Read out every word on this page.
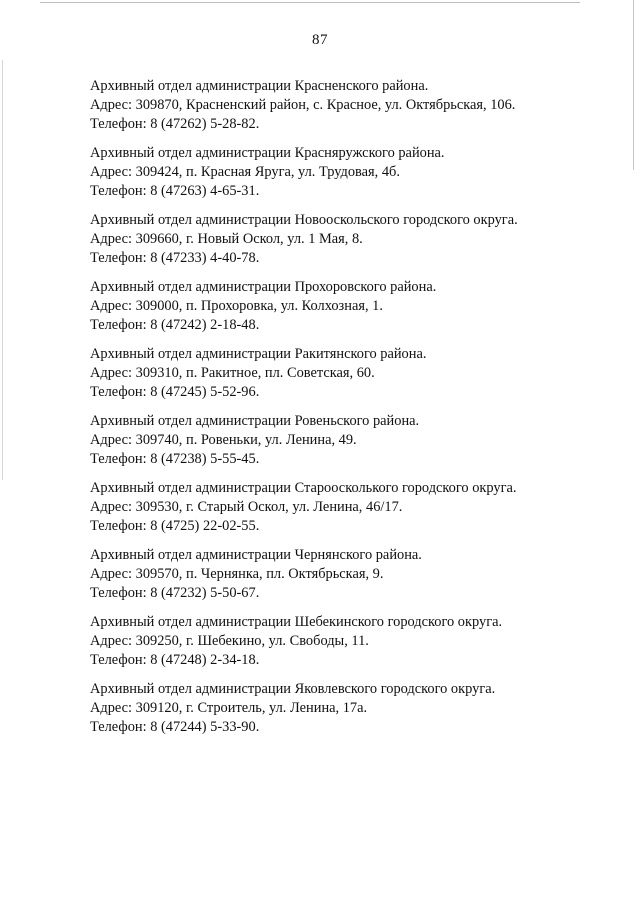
87
Архивный отдел администрации Красненского района.
Адрес: 309870, Красненский район, с. Красное, ул. Октябрьская, 106.
Телефон: 8 (47262) 5-28-82.
Архивный отдел администрации Красняружского района.
Адрес: 309424, п. Красная Яруга, ул. Трудовая, 4б.
Телефон: 8 (47263) 4-65-31.
Архивный отдел администрации Новооскольского городского округа.
Адрес: 309660, г. Новый Оскол, ул. 1 Мая, 8.
Телефон: 8 (47233) 4-40-78.
Архивный отдел администрации Прохоровского района.
Адрес: 309000, п. Прохоровка, ул. Колхозная, 1.
Телефон: 8 (47242) 2-18-48.
Архивный отдел администрации Ракитянского района.
Адрес: 309310, п. Ракитное, пл. Советская, 60.
Телефон: 8 (47245) 5-52-96.
Архивный отдел администрации Ровеньского района.
Адрес: 309740, п. Ровеньки, ул. Ленина, 49.
Телефон: 8 (47238) 5-55-45.
Архивный отдел администрации Староосколького городского округа.
Адрес: 309530, г. Старый Оскол, ул. Ленина, 46/17.
Телефон: 8 (4725) 22-02-55.
Архивный отдел администрации Чернянского района.
Адрес: 309570, п. Чернянка, пл. Октябрьская, 9.
Телефон: 8 (47232) 5-50-67.
Архивный отдел администрации Шебекинского городского округа.
Адрес: 309250, г. Шебекино, ул. Свободы, 11.
Телефон: 8 (47248) 2-34-18.
Архивный отдел администрации Яковлевского городского округа.
Адрес: 309120, г. Строитель, ул. Ленина, 17а.
Телефон: 8 (47244) 5-33-90.
